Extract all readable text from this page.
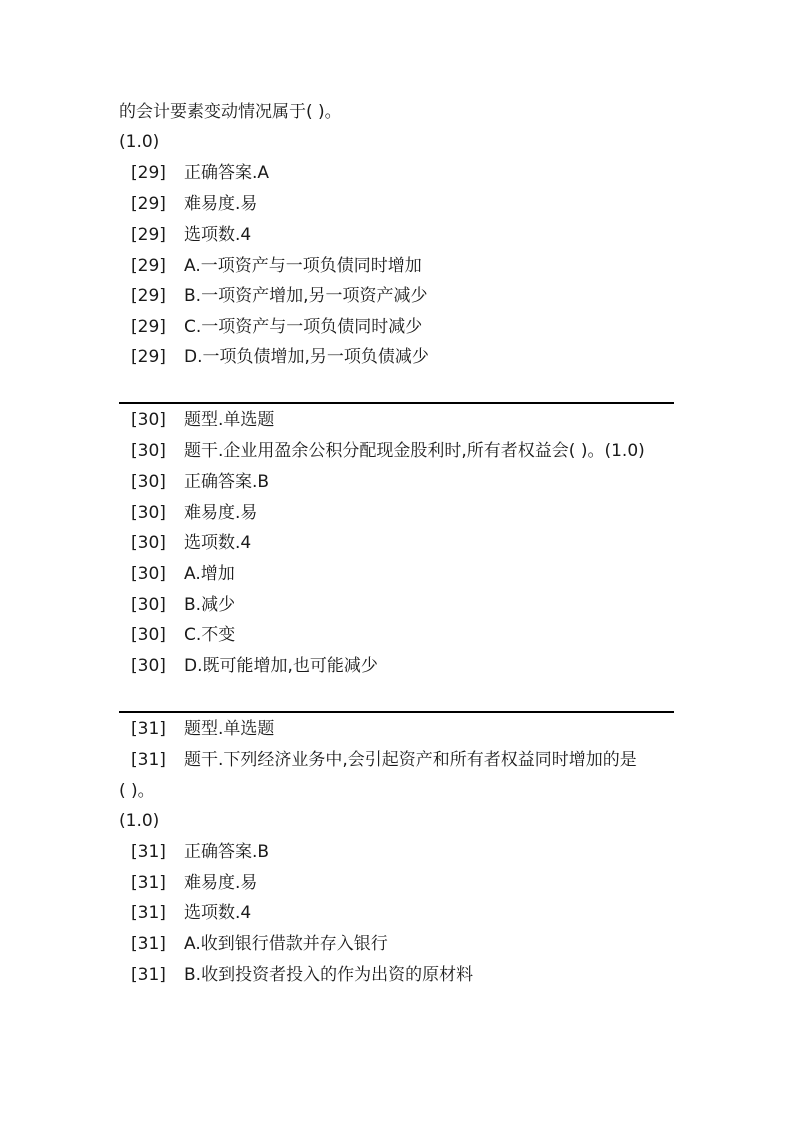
的会计要素变动情况属于( )。
(1.0)
[29] 正确答案.A
[29] 难易度.易
[29] 选项数.4
[29] A.一项资产与一项负债同时增加
[29] B.一项资产增加,另一项资产减少
[29] C.一项资产与一项负债同时减少
[29] D.一项负债增加,另一项负债减少
[30] 题型.单选题
[30] 题干.企业用盈余公积分配现金股利时,所有者权益会( )。(1.0)
[30] 正确答案.B
[30] 难易度.易
[30] 选项数.4
[30] A.增加
[30] B.减少
[30] C.不变
[30] D.既可能增加,也可能减少
[31] 题型.单选题
[31] 题干.下列经济业务中,会引起资产和所有者权益同时增加的是
( )。
(1.0)
[31] 正确答案.B
[31] 难易度.易
[31] 选项数.4
[31] A.收到银行借款并存入银行
[31] B.收到投资者投入的作为出资的原材料
